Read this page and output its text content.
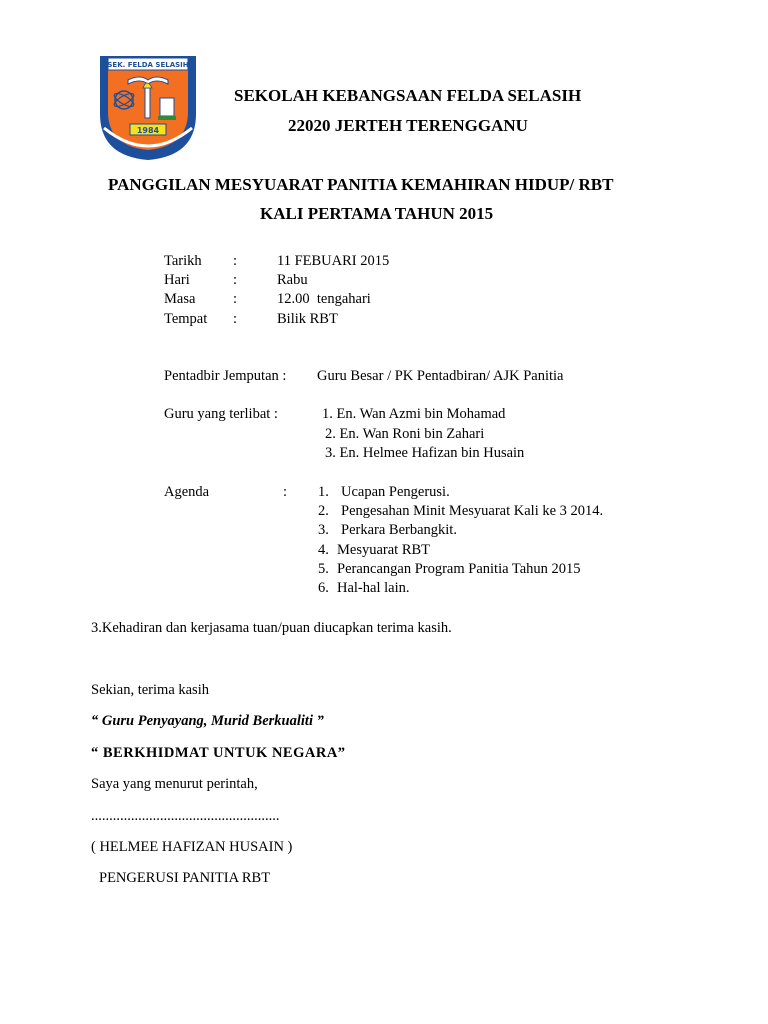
SEK. FELDA SELASIH
1984
SEKOLAH KEBANGSAAN FELDA SELASIH
22020 JERTEH TERENGGANU
PANGGILAN MESYUARAT PANITIA KEMAHIRAN HIDUP/ RBT
KALI PERTAMA TAHUN 2015
Tarikh :	11 FEBUARI 2015
Hari	:	Rabu
Masa	:	12.00  tengahari
Tempat :	Bilik RBT
Pentadbir Jemputan : Guru Besar / PK Pentadbiran/ AJK Panitia
Guru yang terlibat :	1. En. Wan Azmi bin Mohamad
2. En. Wan Roni bin Zahari
3. En. Helmee Hafizan bin Husain
Agenda	: 1. Ucapan Pengerusi.
2. Pengesahan Minit Mesyuarat Kali ke 3 2014.
3. Perkara Berbangkit.
4. Mesyuarat RBT
5. Perancangan Program Panitia Tahun 2015
6. Hal-hal lain.
3.Kehadiran dan kerjasama tuan/puan diucapkan terima kasih.
Sekian, terima kasih
“ Guru Penyayang, Murid Berkualiti ”
“ BERKHIDMAT UNTUK NEGARA”
Saya yang menurut perintah,
....................................................
( HELMEE HAFIZAN HUSAIN )
PENGERUSI PANITIA RBT
